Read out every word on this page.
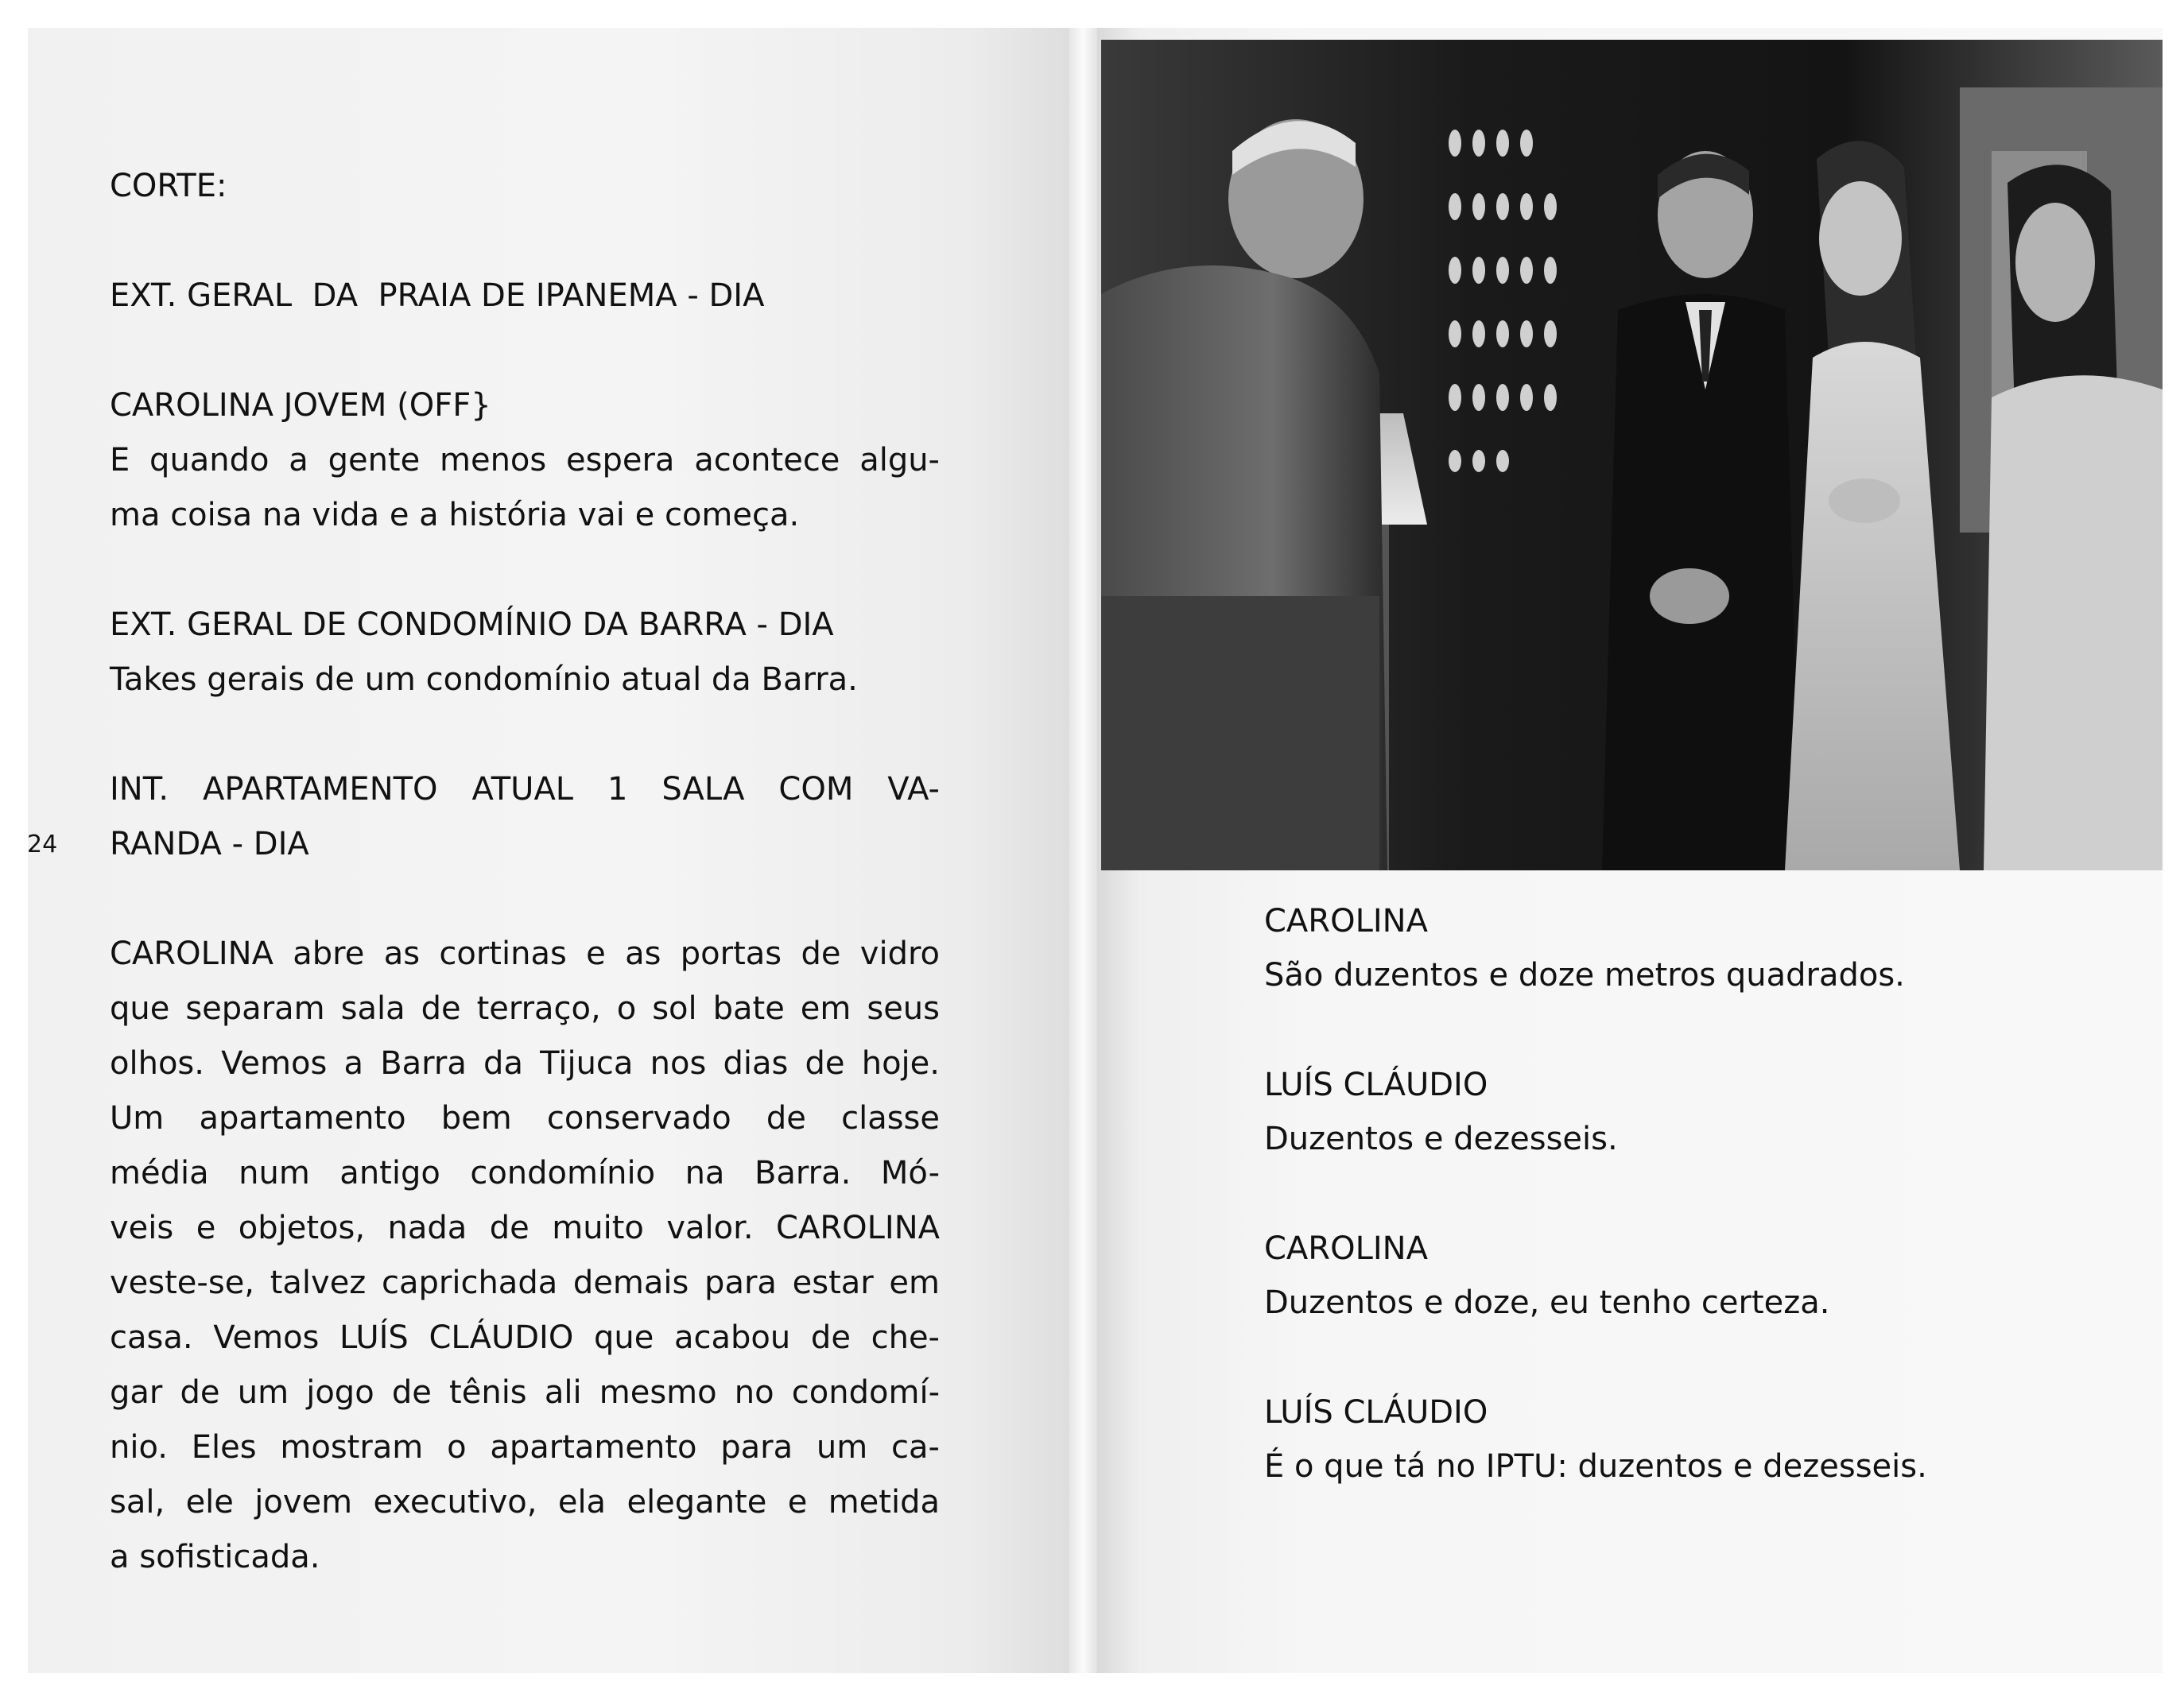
CORTE:

EXT. GERAL  DA  PRAIA DE IPANEMA - DIA

CAROLINA JOVEM (OFF}
E quando a gente menos espera acontece algu-
ma coisa na vida e a história vai e começa.
EXT. GERAL DE CONDOMÍNIO DA BARRA - DIA
Takes gerais de um condomínio atual da Barra.
INT. APARTAMENTO ATUAL 1 SALA COM VA-
RANDA - DIA
CAROLINA abre as cortinas e as portas de vidro
que separam sala de terraço, o sol bate em seus
olhos. Vemos a Barra da Tijuca nos dias de hoje.
Um apartamento bem conservado de classe
média num antigo condomínio na Barra. Mó-
veis e objetos, nada de muito valor. CAROLINA
veste-se, talvez caprichada demais para estar em
casa. Vemos LUÍS CLÁUDIO que acabou de che-
gar de um jogo de tênis ali mesmo no condomí-
nio. Eles mostram o apartamento para um ca-
sal, ele jovem executivo, ela elegante e metida
a sofisticada.
24

CAROLINA

São duzentos e doze metros quadrados.

LUÍS CLÁUDIO

Duzentos e dezesseis.

CAROLINA

Duzentos e doze, eu tenho certeza.

LUÍS CLÁUDIO

É o que tá no IPTU: duzentos e dezesseis.
